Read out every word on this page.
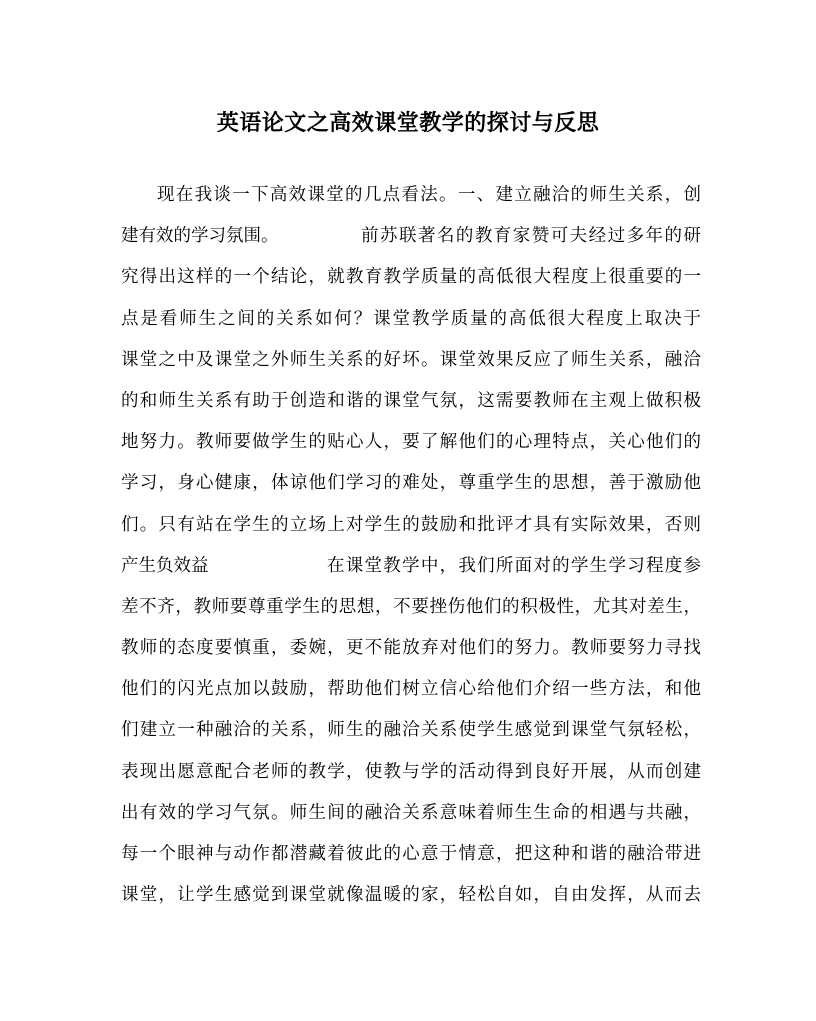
英语论文之高效课堂教学的探讨与反思
现在我谈一下高效课堂的几点看法。一、建立融洽的师生关系，创
建有效的学习氛围。	前苏联著名的教育家赞可夫经过多年的研
究得出这样的一个结论，就教育教学质量的高低很大程度上很重要的一
点是看师生之间的关系如何？课堂教学质量的高低很大程度上取决于
课堂之中及课堂之外师生关系的好坏。课堂效果反应了师生关系，融洽
的和师生关系有助于创造和谐的课堂气氛，这需要教师在主观上做积极
地努力。教师要做学生的贴心人，要了解他们的心理特点，关心他们的
学习，身心健康，体谅他们学习的难处，尊重学生的思想，善于激励他
们。只有站在学生的立场上对学生的鼓励和批评才具有实际效果，否则
产生负效益	在课堂教学中，我们所面对的学生学习程度参
差不齐，教师要尊重学生的思想，不要挫伤他们的积极性，尤其对差生，
教师的态度要慎重，委婉，更不能放弃对他们的努力。教师要努力寻找
他们的闪光点加以鼓励，帮助他们树立信心给他们介绍一些方法，和他
们建立一种融洽的关系，师生的融洽关系使学生感觉到课堂气氛轻松，
表现出愿意配合老师的教学，使教与学的活动得到良好开展，从而创建
出有效的学习气氛。师生间的融洽关系意味着师生生命的相遇与共融，
每一个眼神与动作都潜藏着彼此的心意于情意，把这种和谐的融洽带进
课堂，让学生感觉到课堂就像温暖的家，轻松自如，自由发挥，从而去
